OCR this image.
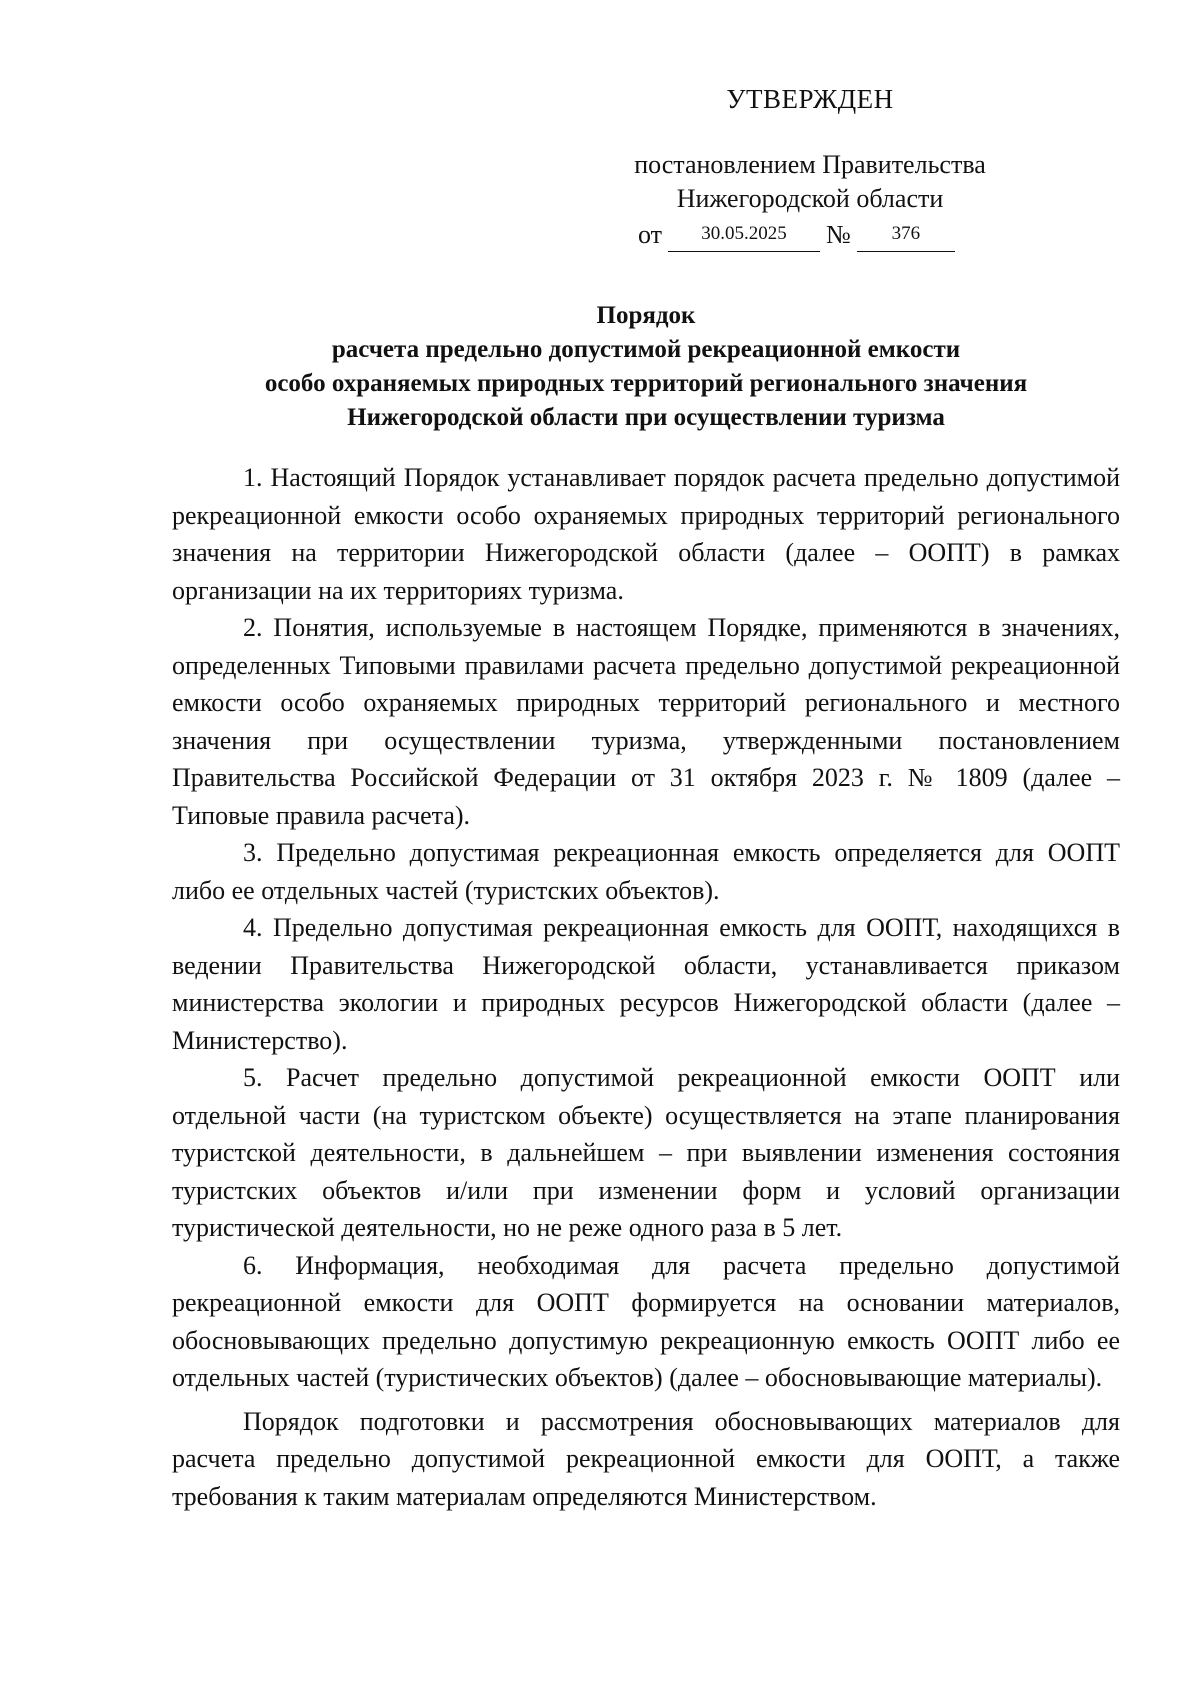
УТВЕРЖДЕН
постановлением Правительства
Нижегородской области
от 30.05.2025 № 376
Порядок
расчета предельно допустимой рекреационной емкости
особо охраняемых природных территорий регионального значения
Нижегородской области при осуществлении туризма

1. Настоящий Порядок устанавливает порядок расчета предельно допустимой рекреационной емкости особо охраняемых природных территорий регионального значения на территории Нижегородской области (далее – ООПТ) в рамках организации на их территориях туризма.

2. Понятия, используемые в настоящем Порядке, применяются в значениях, определенных Типовыми правилами расчета предельно допустимой рекреационной емкости особо охраняемых природных территорий регионального и местного значения при осуществлении туризма, утвержденными постановлением Правительства Российской Федерации от 31 октября 2023 г. № 1809 (далее – Типовые правила расчета).

3. Предельно допустимая рекреационная емкость определяется для ООПТ либо ее отдельных частей (туристских объектов).

4. Предельно допустимая рекреационная емкость для ООПТ, находящихся в ведении Правительства Нижегородской области, устанавливается приказом министерства экологии и природных ресурсов Нижегородской области (далее – Министерство).

5. Расчет предельно допустимой рекреационной емкости ООПТ или отдельной части (на туристском объекте) осуществляется на этапе планирования туристской деятельности, в дальнейшем – при выявлении изменения состояния туристских объектов и/или при изменении форм и условий организации туристической деятельности, но не реже одного раза в 5 лет.

6. Информация, необходимая для расчета предельно допустимой рекреационной емкости для ООПТ формируется на основании материалов, обосновывающих предельно допустимую рекреационную емкость ООПТ либо ее отдельных частей (туристических объектов) (далее – обосновывающие материалы).

Порядок подготовки и рассмотрения обосновывающих материалов для расчета предельно допустимой рекреационной емкости для ООПТ, а также требования к таким материалам определяются Министерством.
